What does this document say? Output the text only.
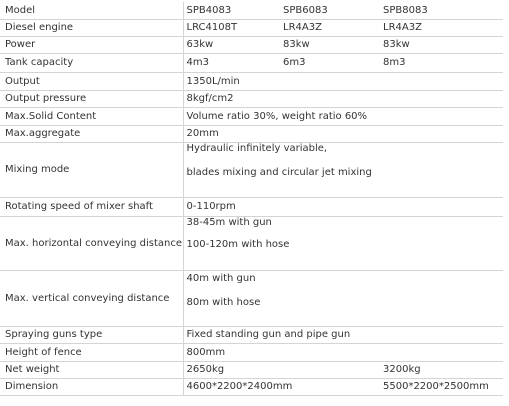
Model	SPB4083	SPB6083	SPB8083
Diesel engine	LRC4108T	LR4A3Z	LR4A3Z
Power	63kw	83kw	83kw
Tank capacity	4m3	6m3	8m3
Output	1350L/min		
Output pressure	8kgf/cm2		
Max.Solid Content	Volume ratio 30%, weight ratio 60%		
Max.aggregate	20mm		
Mixing mode	Hydraulic infinitely variable,
blades mixing and circular jet mixing		

Rotating speed of mixer shaft	0-110rpm		
Max. horizontal conveying distance	38-45m with gun
100-120m with hose		

Max. vertical conveying distance	40m with gun
80m with hose		

Spraying guns type	Fixed standing gun and pipe gun		
Height of fence	800mm		
Net weight	2650kg		3200kg
Dimension	4600*2200*2400mm		5500*2200*2500mm
